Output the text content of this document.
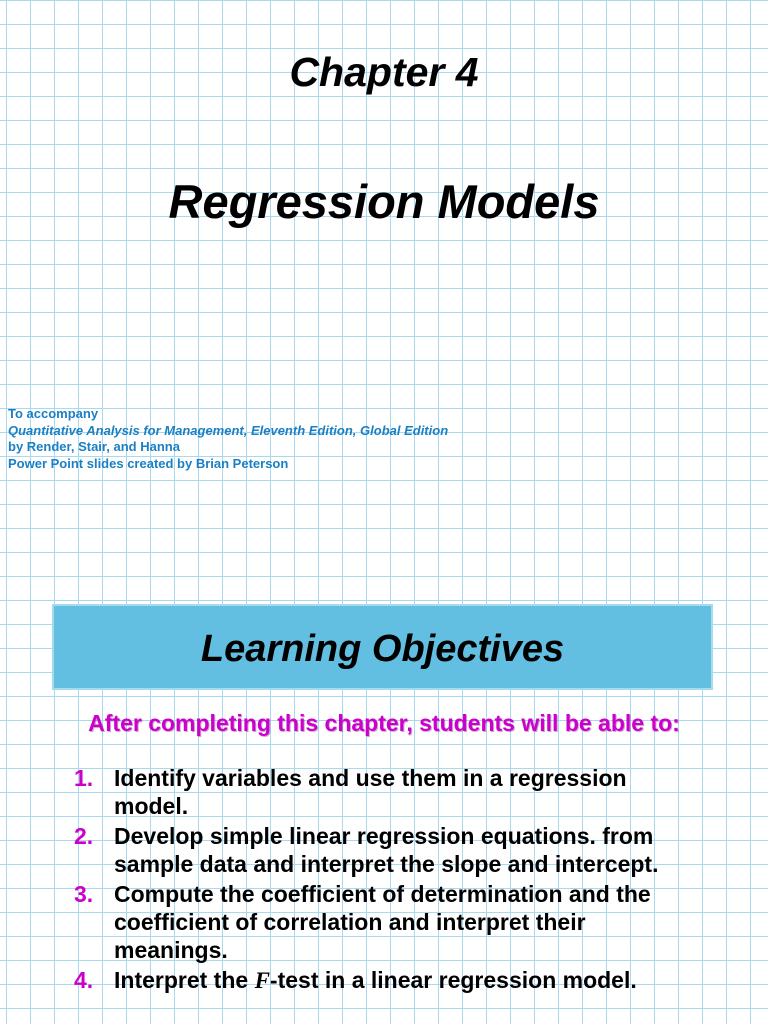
Chapter 4
Regression Models
To accompany
Quantitative Analysis for Management, Eleventh Edition, Global Edition
by Render, Stair, and Hanna
Power Point slides created by Brian Peterson
Learning Objectives
After completing this chapter, students will be able to:
1. Identify variables and use them in a regression model.
2. Develop simple linear regression equations. from sample data and interpret the slope and intercept.
3. Compute the coefficient of determination and the coefficient of correlation and interpret their meanings.
4. Interpret the F-test in a linear regression model.
